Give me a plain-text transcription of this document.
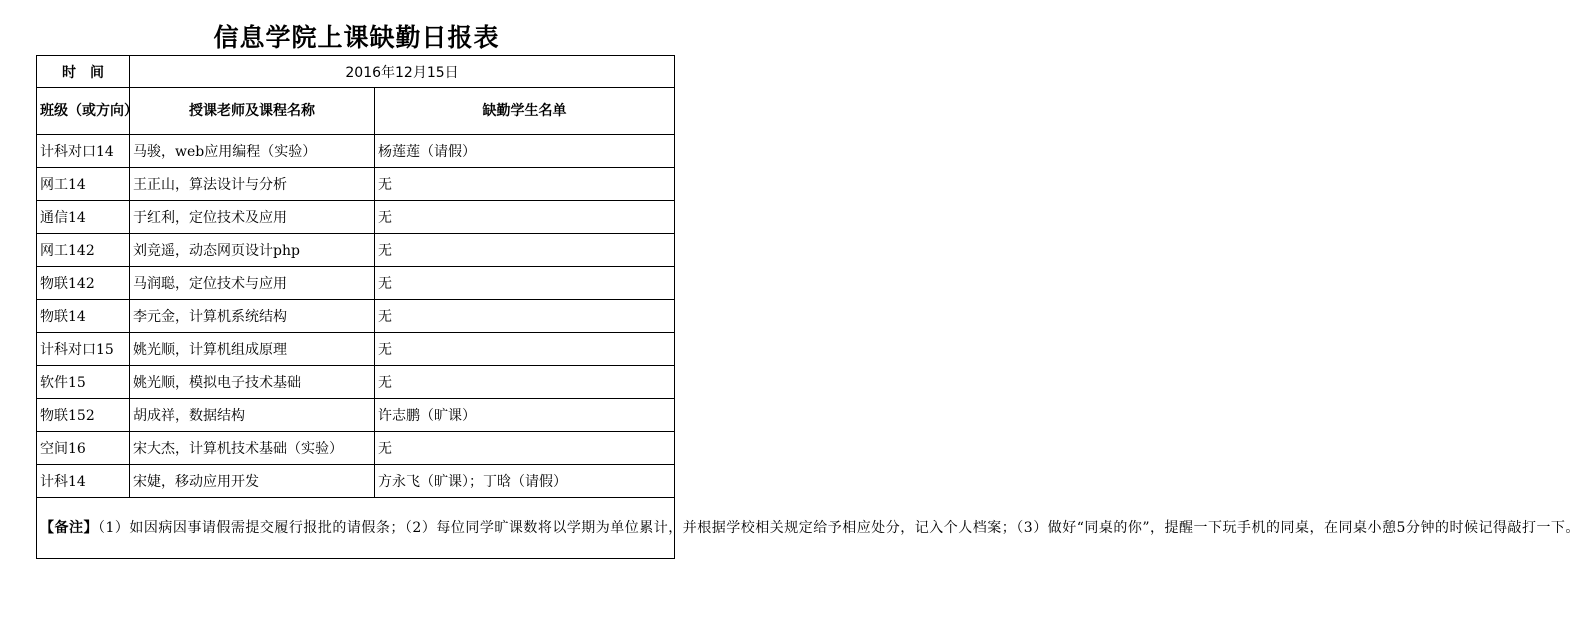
信息学院上课缺勤日报表
时　间	2016年12月15日	
班级（或方向）	授课老师及课程名称	缺勤学生名单
计科对口14	马骏，web应用编程（实验）	杨莲莲（请假）
网工14	王正山，算法设计与分析	无
通信14	于红利，定位技术及应用	无
网工142	刘竞遥，动态网页设计php	无
物联142	马润聪，定位技术与应用	无
物联14	李元金，计算机系统结构	无
计科对口15	姚光顺，计算机组成原理	无
软件15	姚光顺，模拟电子技术基础	无
物联152	胡成祥，数据结构	许志鹏（旷课）
空间16	宋大杰，计算机技术基础（实验）	无
计科14	宋婕，移动应用开发	方永飞（旷课）；丁晗（请假）
【备注】（1）如因病因事请假需提交履行报批的请假条；（2）每位同学旷课数将以学期为单位累计，并根据学校相关规定给予相应处分，记入个人档案；（3）做好“同桌的你”，提醒一下玩手机的同桌，在同桌小憩5分钟的时候记得敲打一下。		
